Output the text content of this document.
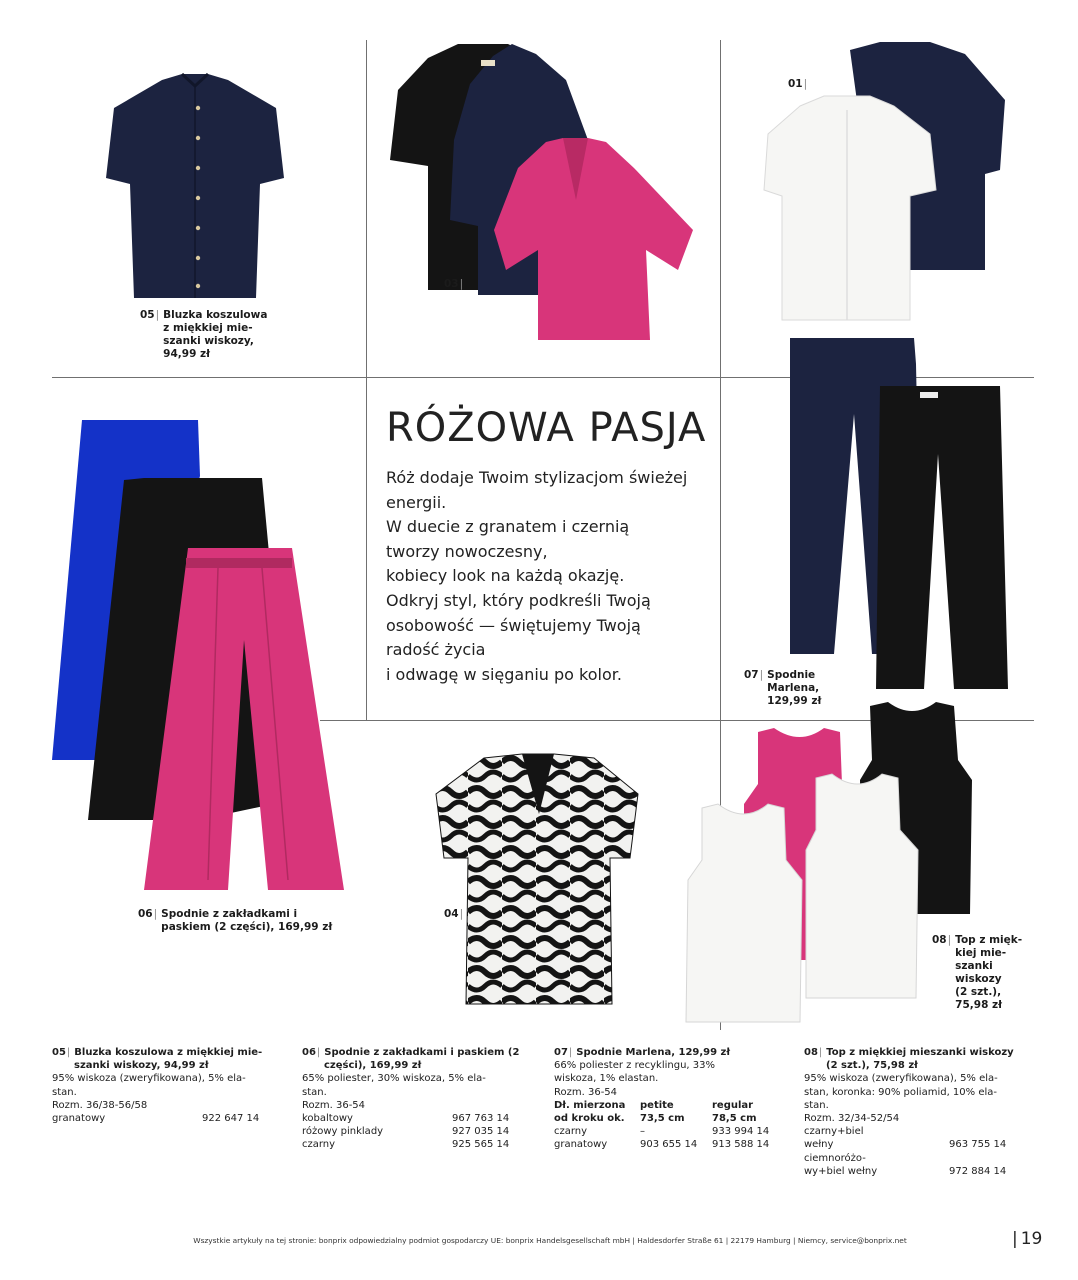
05| Bluzka koszulowa
z miękkiej mie-
szanki wiskozy,
94,99 zł
03|
01|
07| Spodnie
Marlena,
129,99 zł
06| Spodnie z zakładkami i
paskiem (2 części), 169,99 zł
04|
08| Top z mięk-
kiej mie-
szanki
wiskozy
(2 szt.),
75,98 zł
RÓŻOWA PASJA
Róż dodaje Twoim stylizacjom świeżej
energii.
W duecie z granatem i czernią
tworzy nowoczesny,
kobiecy look na każdą okazję.
Odkryj styl, który podkreśli Twoją
osobowość — świętujemy Twoją
radość życia
i odwagę w sięganiu po kolor.
05| Bluzka koszulowa z miękkiej mie-
szanki wiskozy, 94,99 zł
95% wiskoza (zweryfikowana), 5% ela-
stan.
Rozm. 36/38-56/58
granatowy	922 647 14
06| Spodnie z zakładkami i paskiem (2
części), 169,99 zł
65% poliester, 30% wiskoza, 5% ela-
stan.
Rozm. 36-54
kobaltowy	967 763 14
różowy pinklady	927 035 14
czarny	925 565 14
07| Spodnie Marlena, 129,99 zł
66% poliester z recyklingu, 33%
wiskoza, 1% elastan.
Rozm. 36-54
Dł. mierzona
od kroku ok.
petite
73,5 cm
regular
78,5 cm
czarny	–	933 994 14
granatowy	903 655 14	913 588 14
08| Top z miękkiej mieszanki wiskozy
(2 szt.), 75,98 zł
95% wiskoza (zweryfikowana), 5% ela-
stan, koronka: 90% poliamid, 10% ela-
stan.
Rozm. 32/34-52/54
czarny+biel
wełny	963 755 14
ciemnoróżo-
wy+biel wełny	972 884 14
Wszystkie artykuły na tej stronie: bonprix odpowiedzialny podmiot gospodarczy UE: bonprix Handelsgesellschaft mbH | Haldesdorfer Straße 61 | 22179 Hamburg | Niemcy, service@bonprix.net
|	19
